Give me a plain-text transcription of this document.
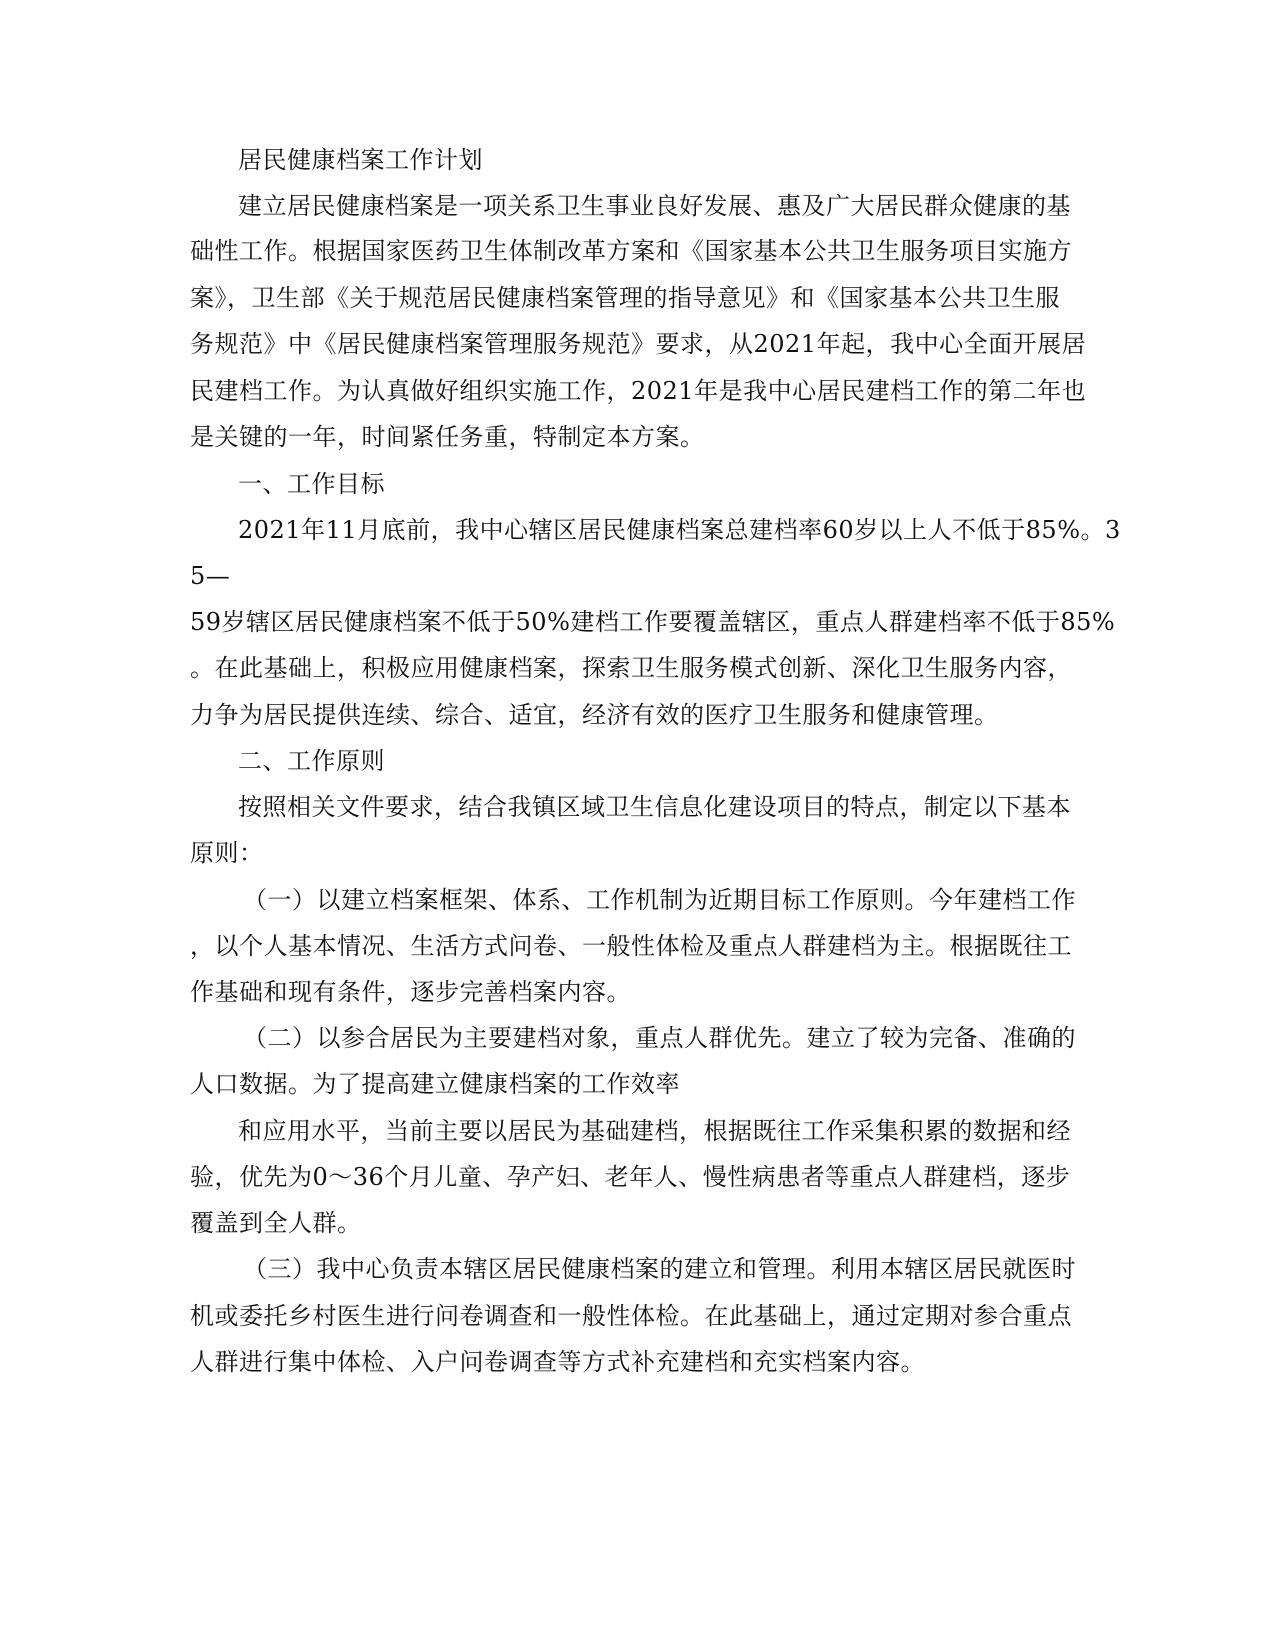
居民健康档案工作计划
建立居民健康档案是一项关系卫生事业良好发展、惠及广大居民群众健康的基
础性工作。根据国家医药卫生体制改革方案和《国家基本公共卫生服务项目实施方
案》，卫生部《关于规范居民健康档案管理的指导意见》和《国家基本公共卫生服
务规范》中《居民健康档案管理服务规范》要求，从2021年起，我中心全面开展居
民建档工作。为认真做好组织实施工作，2021年是我中心居民建档工作的第二年也
是关键的一年，时间紧任务重，特制定本方案。
一、工作目标
2021年11月底前，我中心辖区居民健康档案总建档率60岁以上人不低于85%。3
5—
59岁辖区居民健康档案不低于50%建档工作要覆盖辖区，重点人群建档率不低于85%
。在此基础上，积极应用健康档案，探索卫生服务模式创新、深化卫生服务内容，
力争为居民提供连续、综合、适宜，经济有效的医疗卫生服务和健康管理。
二、工作原则
按照相关文件要求，结合我镇区域卫生信息化建设项目的特点，制定以下基本
原则：
（一）以建立档案框架、体系、工作机制为近期目标工作原则。今年建档工作
，以个人基本情况、生活方式问卷、一般性体检及重点人群建档为主。根据既往工
作基础和现有条件，逐步完善档案内容。
（二）以参合居民为主要建档对象，重点人群优先。建立了较为完备、准确的
人口数据。为了提高建立健康档案的工作效率
和应用水平，当前主要以居民为基础建档，根据既往工作采集积累的数据和经
验，优先为0～36个月儿童、孕产妇、老年人、慢性病患者等重点人群建档，逐步
覆盖到全人群。
（三）我中心负责本辖区居民健康档案的建立和管理。利用本辖区居民就医时
机或委托乡村医生进行问卷调查和一般性体检。在此基础上，通过定期对参合重点
人群进行集中体检、入户问卷调查等方式补充建档和充实档案内容。
